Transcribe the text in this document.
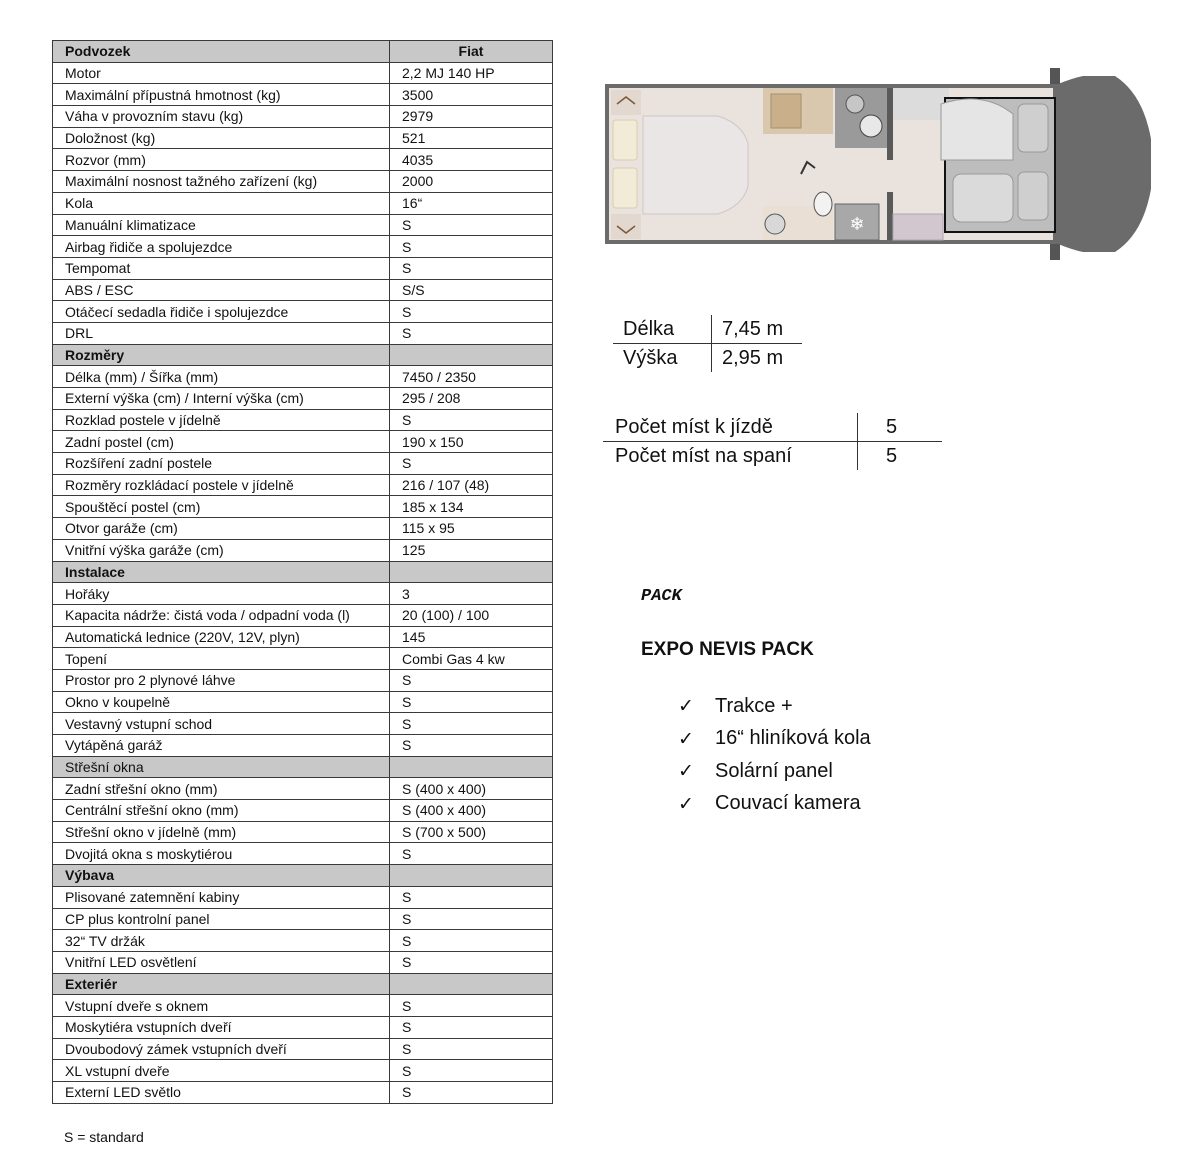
Podvozek	Fiat
Motor	2,2 MJ 140 HP
Maximální přípustná hmotnost (kg)	3500
Váha v provozním stavu (kg)	2979
Doložnost (kg)	521
Rozvor (mm)	4035
Maximální nosnost tažného zařízení (kg)	2000
Kola	16“
Manuální klimatizace	S
Airbag řidiče a spolujezdce	S
Tempomat	S
ABS / ESC	S/S
Otáčecí sedadla řidiče i spolujezdce	S
DRL	S
Rozměry	
Délka (mm) / Šířka (mm)	7450 / 2350
Externí výška (cm) / Interní výška (cm)	295 / 208
Rozklad postele v jídelně	S
Zadní postel (cm)	190 x 150
Rozšíření zadní postele	S
Rozměry rozkládací postele v jídelně	216 / 107 (48)
Spouštěcí postel (cm)	185 x 134
Otvor garáže (cm)	115 x 95
Vnitřní výška garáže (cm)	125
Instalace	
Hořáky	3
Kapacita nádrže: čistá voda / odpadní voda (l)	20 (100) / 100
Automatická lednice (220V, 12V, plyn)	145
Topení	Combi Gas 4 kw
Prostor pro 2 plynové láhve	S
Okno v koupelně	S
Vestavný vstupní schod	S
Vytápěná garáž	S
Střešní okna	
Zadní střešní okno (mm)	S (400 x 400)
Centrální střešní okno (mm)	S (400 x 400)
Střešní okno v jídelně (mm)	S (700 x 500)
Dvojitá okna s moskytiérou	S
Výbava	
Plisované zatemnění kabiny	S
CP plus kontrolní panel	S
32“ TV držák	S
Vnitřní LED osvětlení	S
Exteriér	
Vstupní dveře s oknem	S
Moskytiéra vstupních dveří	S
Dvoubodový zámek vstupních dveří	S
XL vstupní dveře	S
Externí LED světlo	S
S = standard
❄
Délka	7,45 m
Výška	2,95 m
Počet míst k jízdě	5
Počet míst na spaní	5
PACK
EXPO NEVIS PACK
✓	Trakce +
✓	16“ hliníková kola
✓	Solární panel
✓	Couvací kamera
